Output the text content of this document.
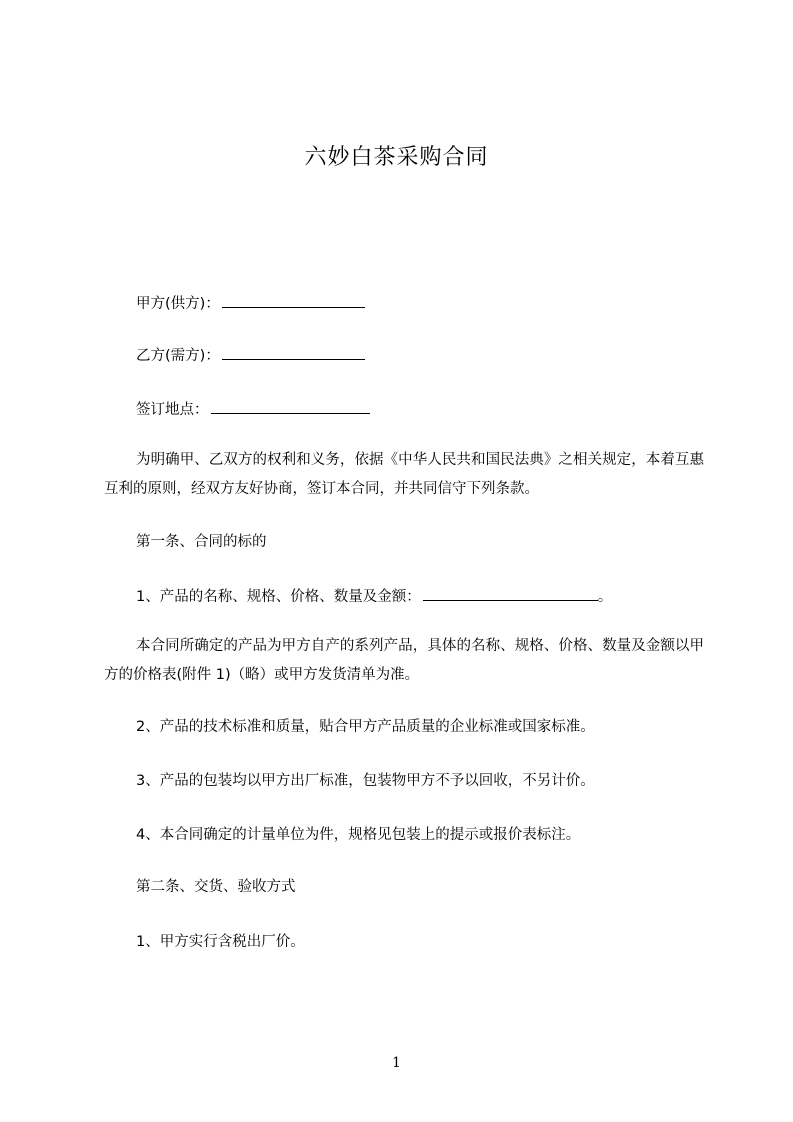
六妙白茶采购合同
甲方(供方)：
乙方(需方)：
签订地点：
为明确甲、乙双方的权利和义务，依据《中华人民共和国民法典》之相关规定，本着互惠互利的原则，经双方友好协商，签订本合同，并共同信守下列条款。
第一条、合同的标的
1、产品的名称、规格、价格、数量及金额：	。
本合同所确定的产品为甲方自产的系列产品，具体的名称、规格、价格、数量及金额以甲方的价格表(附件 1)（略）或甲方发货清单为准。
2、产品的技术标准和质量，贴合甲方产品质量的企业标准或国家标准。
3、产品的包装均以甲方出厂标准，包装物甲方不予以回收，不另计价。
4、本合同确定的计量单位为件，规格见包装上的提示或报价表标注。
第二条、交货、验收方式
1、甲方实行含税出厂价。
1
